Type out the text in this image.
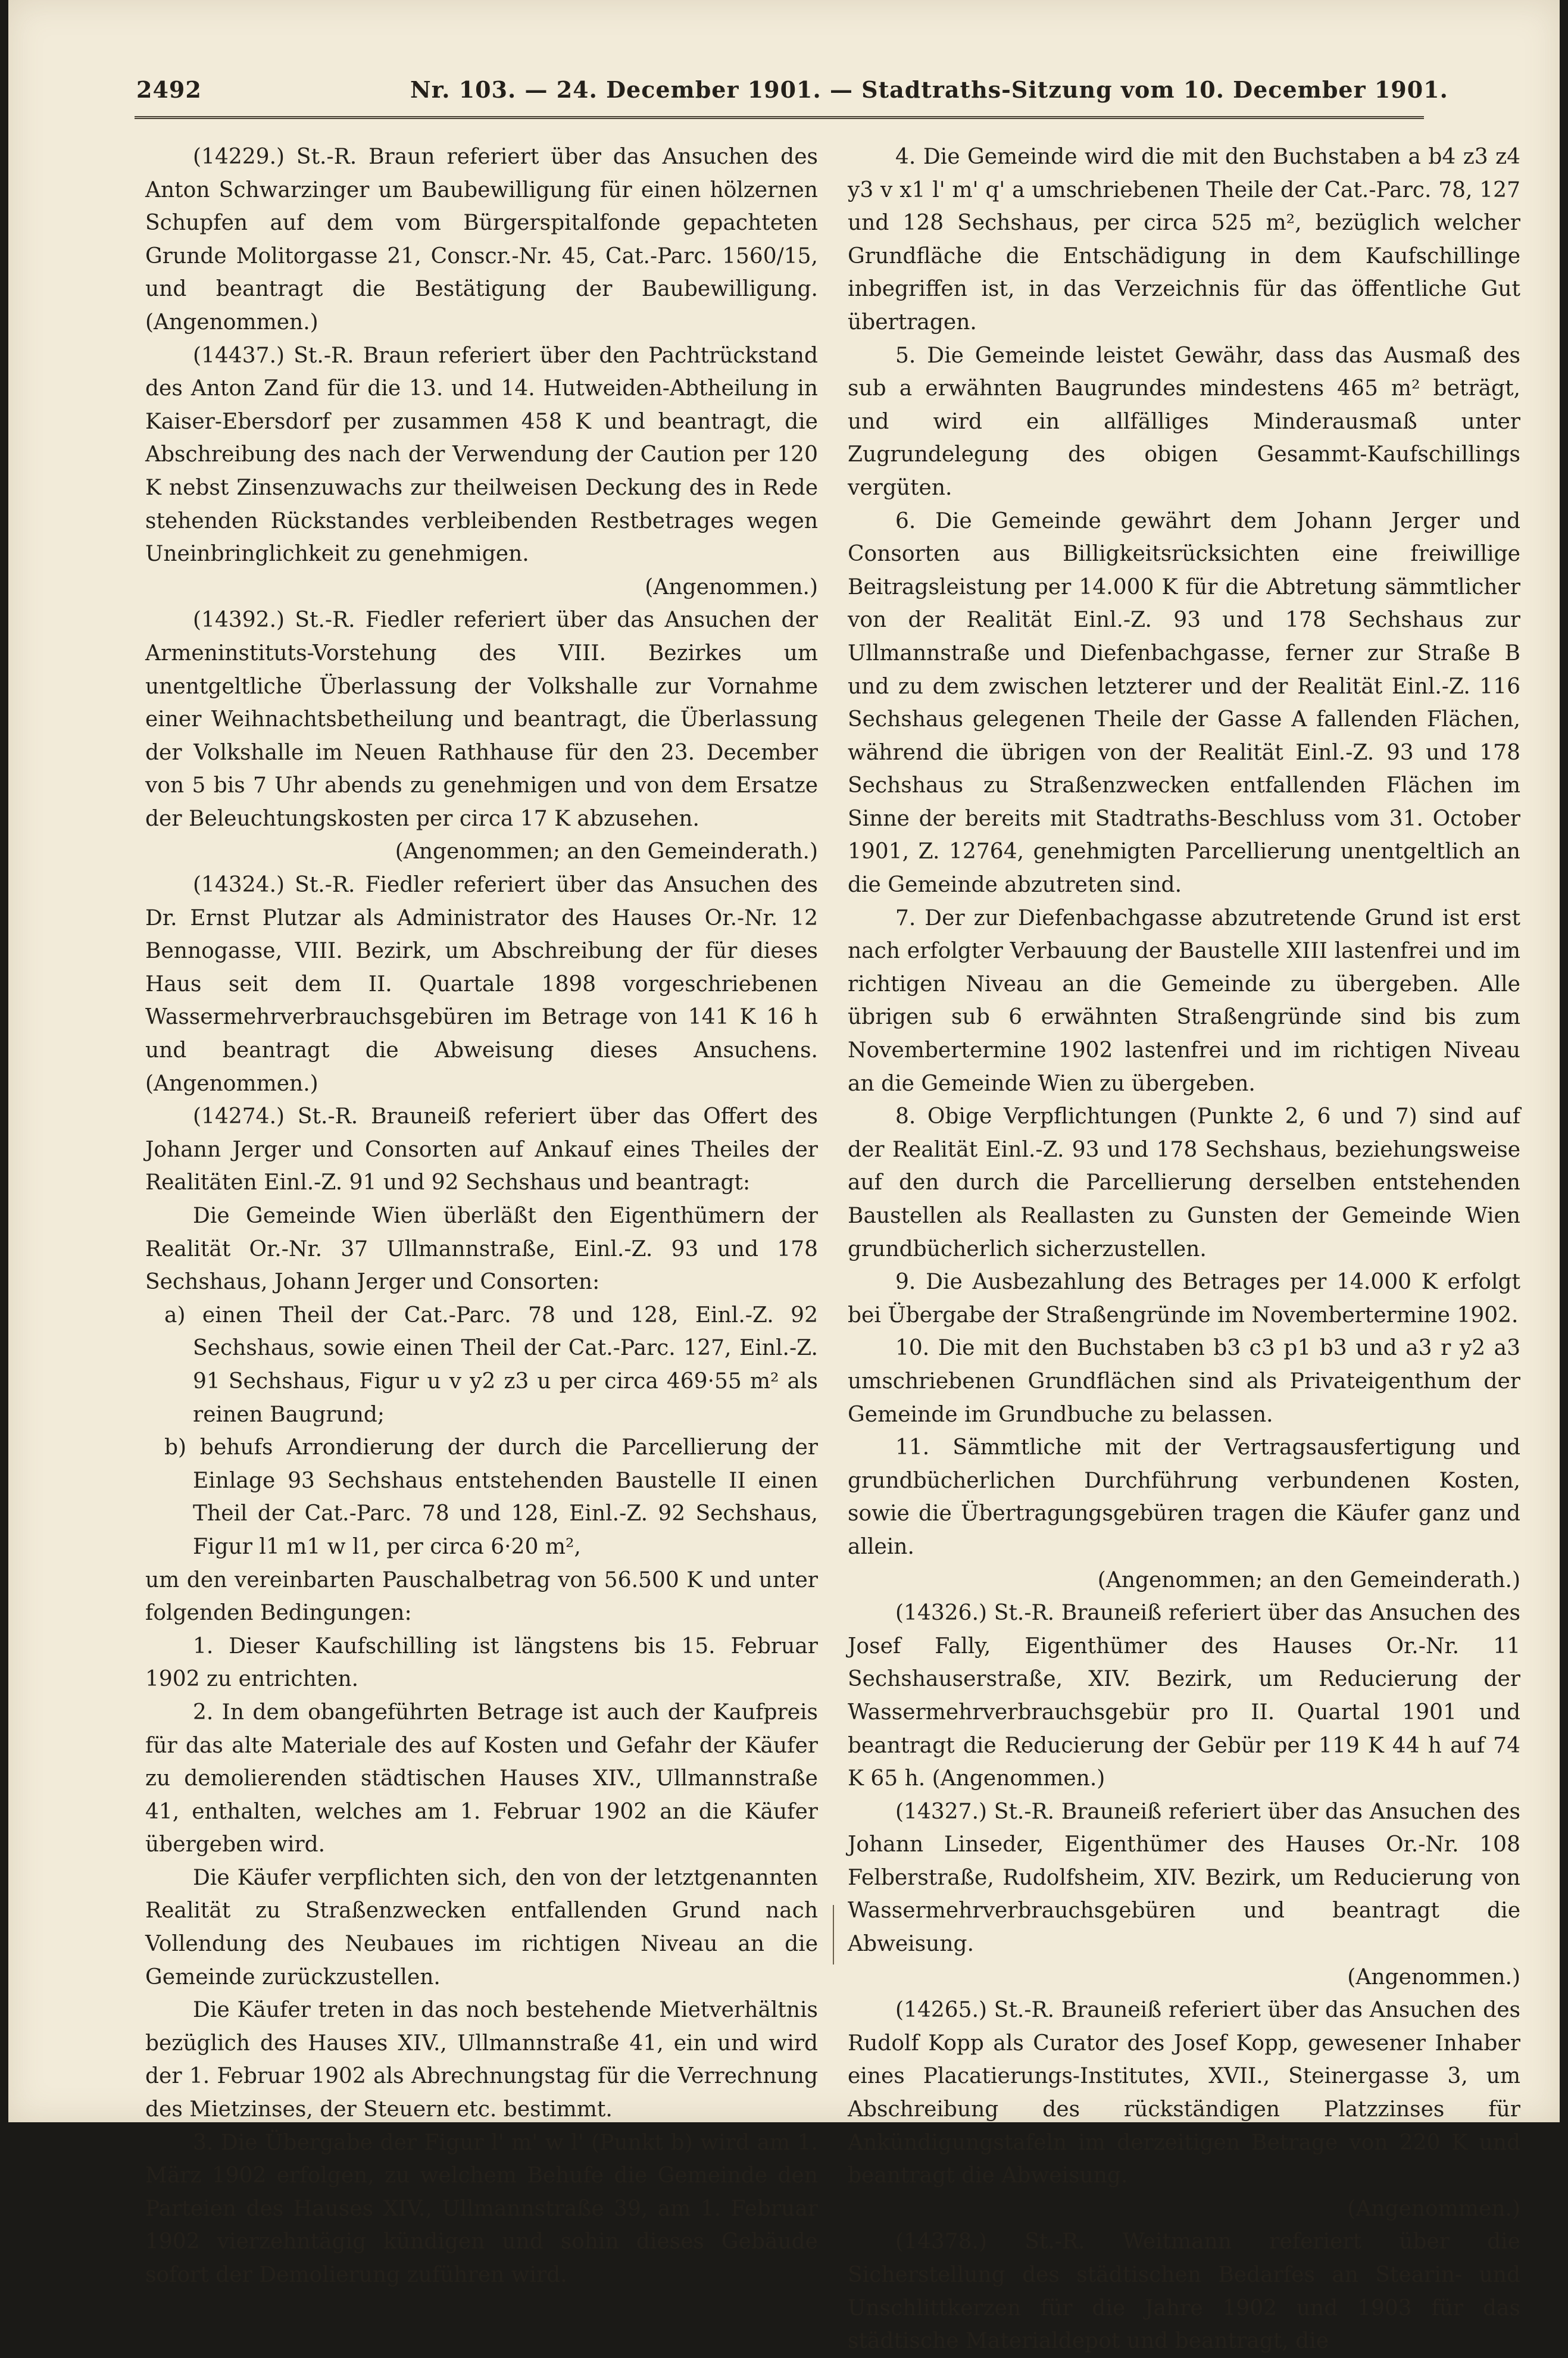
2492	Nr. 103. — 24. December 1901. — Stadtraths-Sitzung vom 10. December 1901.

(14229.) St.-R. Braun referiert über das Ansuchen des Anton Schwarzinger um Baubewilligung für einen hölzernen Schupfen auf dem vom Bürgerspitalfonde gepachteten Grunde Molitorgasse 21, Conscr.-Nr. 45, Cat.-Parc. 1560/15, und beantragt die Bestätigung der Baubewilligung. (Angenommen.)

(14437.) St.-R. Braun referiert über den Pachtrückstand des Anton Zand für die 13. und 14. Hutweiden-Abtheilung in Kaiser-Ebersdorf per zusammen 458 K und beantragt, die Abschreibung des nach der Verwendung der Caution per 120 K nebst Zinsenzuwachs zur theilweisen Deckung des in Rede stehenden Rückstandes verbleibenden Restbetrages wegen Uneinbringlichkeit zu genehmigen.

(Angenommen.)

(14392.) St.-R. Fiedler referiert über das Ansuchen der Armeninstituts-Vorstehung des VIII. Bezirkes um unentgeltliche Überlassung der Volkshalle zur Vornahme einer Weihnachtsbetheilung und beantragt, die Überlassung der Volkshalle im Neuen Rathhause für den 23. December von 5 bis 7 Uhr abends zu genehmigen und von dem Ersatze der Beleuchtungskosten per circa 17 K abzusehen.

(Angenommen; an den Gemeinderath.)

(14324.) St.-R. Fiedler referiert über das Ansuchen des Dr. Ernst Plutzar als Administrator des Hauses Or.-Nr. 12 Bennogasse, VIII. Bezirk, um Abschreibung der für dieses Haus seit dem II. Quartale 1898 vorgeschriebenen Wassermehrverbrauchsgebüren im Betrage von 141 K 16 h und beantragt die Abweisung dieses Ansuchens. (Angenommen.)

(14274.) St.-R. Brauneiß referiert über das Offert des Johann Jerger und Consorten auf Ankauf eines Theiles der Realitäten Einl.-Z. 91 und 92 Sechshaus und beantragt:

Die Gemeinde Wien überläßt den Eigenthümern der Realität Or.-Nr. 37 Ullmannstraße, Einl.-Z. 93 und 178 Sechshaus, Johann Jerger und Consorten:

a) einen Theil der Cat.-Parc. 78 und 128, Einl.-Z. 92 Sechshaus, sowie einen Theil der Cat.-Parc. 127, Einl.-Z. 91 Sechshaus, Figur u v y2 z3 u per circa 469·55 m² als reinen Baugrund;

b) behufs Arrondierung der durch die Parcellierung der Einlage 93 Sechshaus entstehenden Baustelle II einen Theil der Cat.-Parc. 78 und 128, Einl.-Z. 92 Sechshaus, Figur l1 m1 w l1, per circa 6·20 m²,

um den vereinbarten Pauschalbetrag von 56.500 K und unter folgenden Bedingungen:

1. Dieser Kaufschilling ist längstens bis 15. Februar 1902 zu entrichten.

2. In dem obangeführten Betrage ist auch der Kaufpreis für das alte Materiale des auf Kosten und Gefahr der Käufer zu demolierenden städtischen Hauses XIV., Ullmannstraße 41, enthalten, welches am 1. Februar 1902 an die Käufer übergeben wird.

Die Käufer verpflichten sich, den von der letztgenannten Realität zu Straßenzwecken entfallenden Grund nach Vollendung des Neubaues im richtigen Niveau an die Gemeinde zurückzustellen.

Die Käufer treten in das noch bestehende Mietverhältnis bezüglich des Hauses XIV., Ullmannstraße 41, ein und wird der 1. Februar 1902 als Abrechnungstag für die Verrechnung des Mietzinses, der Steuern etc. bestimmt.

3. Die Übergabe der Figur l' m' w l' (Punkt b) wird am 1. März 1902 erfolgen, zu welchem Behufe die Gemeinde den Parteien des Hauses XIV., Ullmannstraße 39, am 1. Februar 1902 vierzehntägig kündigen und sohin dieses Gebäude sofort der Demolierung zuführen wird.

4. Die Gemeinde wird die mit den Buchstaben a b4 z3 z4 y3 v x1 l' m' q' a umschriebenen Theile der Cat.-Parc. 78, 127 und 128 Sechshaus, per circa 525 m², bezüglich welcher Grundfläche die Entschädigung in dem Kaufschillinge inbegriffen ist, in das Verzeichnis für das öffentliche Gut übertragen.

5. Die Gemeinde leistet Gewähr, dass das Ausmaß des sub a erwähnten Baugrundes mindestens 465 m² beträgt, und wird ein allfälliges Minderausmaß unter Zugrundelegung des obigen Gesammt-Kaufschillings vergüten.

6. Die Gemeinde gewährt dem Johann Jerger und Consorten aus Billigkeitsrücksichten eine freiwillige Beitragsleistung per 14.000 K für die Abtretung sämmtlicher von der Realität Einl.-Z. 93 und 178 Sechshaus zur Ullmannstraße und Diefenbachgasse, ferner zur Straße B und zu dem zwischen letzterer und der Realität Einl.-Z. 116 Sechshaus gelegenen Theile der Gasse A fallenden Flächen, während die übrigen von der Realität Einl.-Z. 93 und 178 Sechshaus zu Straßenzwecken entfallenden Flächen im Sinne der bereits mit Stadtraths-Beschluss vom 31. October 1901, Z. 12764, genehmigten Parcellierung unentgeltlich an die Gemeinde abzutreten sind.

7. Der zur Diefenbachgasse abzutretende Grund ist erst nach erfolgter Verbauung der Baustelle XIII lastenfrei und im richtigen Niveau an die Gemeinde zu übergeben. Alle übrigen sub 6 erwähnten Straßengründe sind bis zum Novembertermine 1902 lastenfrei und im richtigen Niveau an die Gemeinde Wien zu übergeben.

8. Obige Verpflichtungen (Punkte 2, 6 und 7) sind auf der Realität Einl.-Z. 93 und 178 Sechshaus, beziehungsweise auf den durch die Parcellierung derselben entstehenden Baustellen als Reallasten zu Gunsten der Gemeinde Wien grundbücherlich sicherzustellen.

9. Die Ausbezahlung des Betrages per 14.000 K erfolgt bei Übergabe der Straßengründe im Novembertermine 1902.

10. Die mit den Buchstaben b3 c3 p1 b3 und a3 r y2 a3 umschriebenen Grundflächen sind als Privateigenthum der Gemeinde im Grundbuche zu belassen.

11. Sämmtliche mit der Vertragsausfertigung und grundbücherlichen Durchführung verbundenen Kosten, sowie die Übertragungsgebüren tragen die Käufer ganz und allein.

(Angenommen; an den Gemeinderath.)

(14326.) St.-R. Brauneiß referiert über das Ansuchen des Josef Fally, Eigenthümer des Hauses Or.-Nr. 11 Sechshauserstraße, XIV. Bezirk, um Reducierung der Wassermehrverbrauchsgebür pro II. Quartal 1901 und beantragt die Reducierung der Gebür per 119 K 44 h auf 74 K 65 h. (Angenommen.)

(14327.) St.-R. Brauneiß referiert über das Ansuchen des Johann Linseder, Eigenthümer des Hauses Or.-Nr. 108 Felberstraße, Rudolfsheim, XIV. Bezirk, um Reducierung von Wassermehrverbrauchsgebüren und beantragt die Abweisung.

(Angenommen.)

(14265.) St.-R. Brauneiß referiert über das Ansuchen des Rudolf Kopp als Curator des Josef Kopp, gewesener Inhaber eines Placatierungs-Institutes, XVII., Steinergasse 3, um Abschreibung des rückständigen Platzzinses für Ankündigungstafeln im derzeitigen Betrage von 220 K und beantragt die Abweisung.

(Angenommen.)

(14378.) St.-R. Weitmann referiert über die Sicherstellung des städtischen Bedarfes an Stearin- und Unschlittkerzen für die Jahre 1902 und 1903 für das städtische Materialdepot und beantragt, die
